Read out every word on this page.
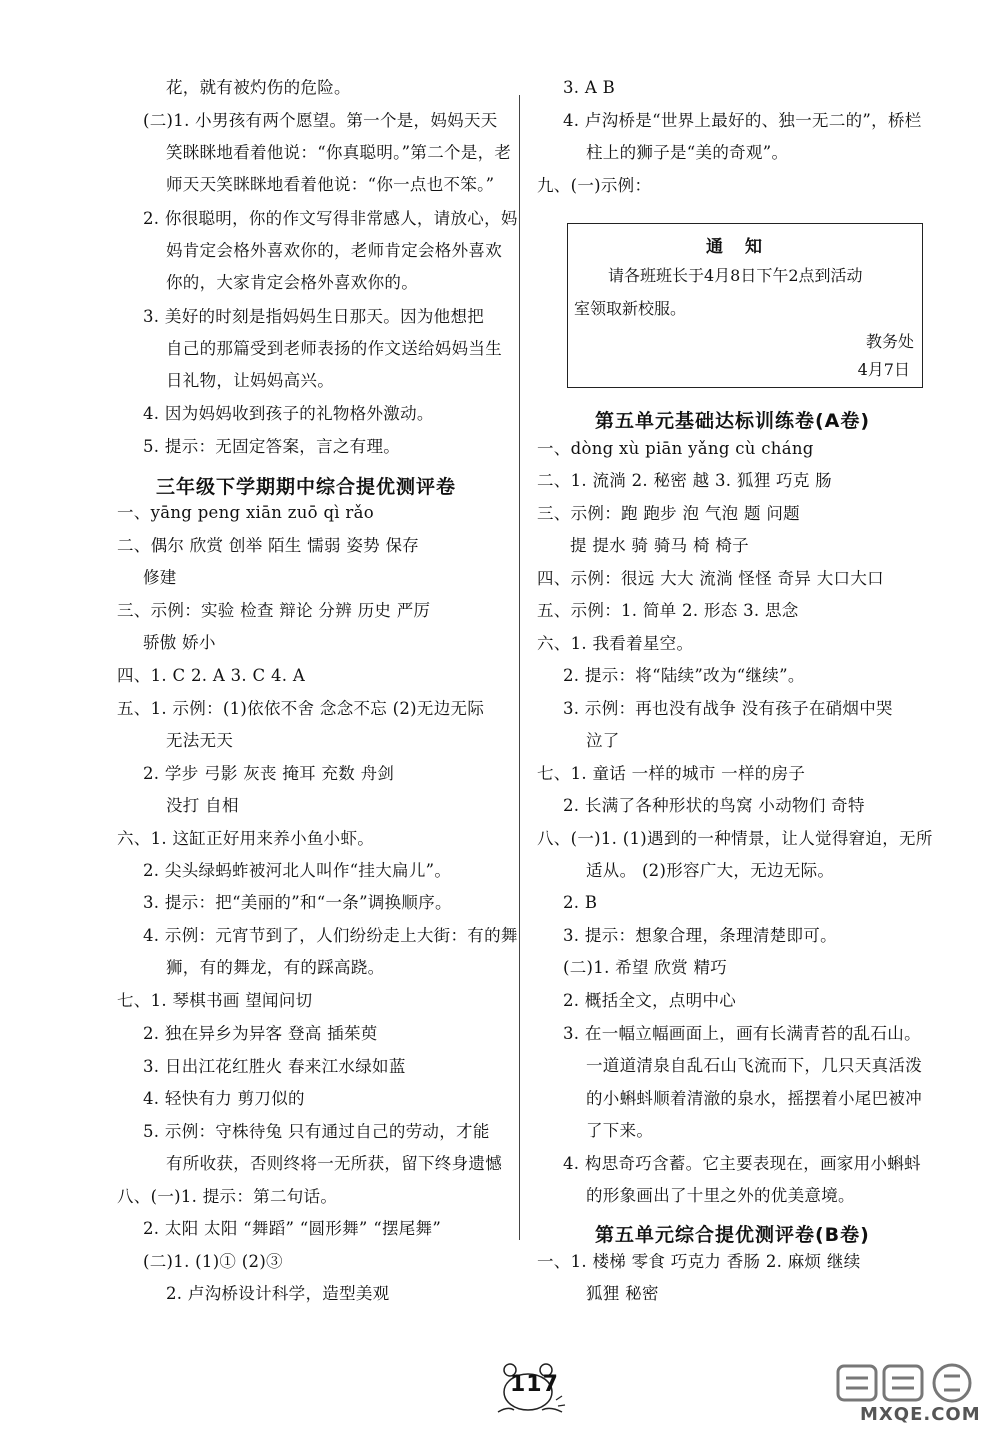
花，就有被灼伤的危险。
(二)1. 小男孩有两个愿望。第一个是，妈妈天天
笑眯眯地看着他说：“你真聪明。”第二个是，老
师天天笑眯眯地看着他说：“你一点也不笨。”
2. 你很聪明，你的作文写得非常感人，请放心，妈
妈肯定会格外喜欢你的，老师肯定会格外喜欢
你的，大家肯定会格外喜欢你的。
3. 美好的时刻是指妈妈生日那天。因为他想把
自己的那篇受到老师表扬的作文送给妈妈当生
日礼物，让妈妈高兴。
4. 因为妈妈收到孩子的礼物格外激动。
5. 提示：无固定答案，言之有理。
一、yāng peng xiān zuō qì rǎo
二、偶尔 欣赏 创举 陌生 懦弱 姿势 保存
修建
三、示例：实验 检查 辩论 分辨 历史 严厉
骄傲 娇小
四、1. C 2. A 3. C 4. A
五、1. 示例：(1)依依不舍 念念不忘 (2)无边无际
无法无天
2. 学步 弓影 灰丧 掩耳 充数 舟剑
没打 自相
六、1. 这缸正好用来养小鱼小虾。
2. 尖头绿蚂蚱被河北人叫作“挂大扁儿”。
3. 提示：把“美丽的”和“一条”调换顺序。
4. 示例：元宵节到了，人们纷纷走上大街：有的舞
狮，有的舞龙，有的踩高跷。
七、1. 琴棋书画 望闻问切
2. 独在异乡为异客 登高 插茱萸
3. 日出江花红胜火 春来江水绿如蓝
4. 轻快有力 剪刀似的
5. 示例：守株待兔 只有通过自己的劳动，才能
有所收获，否则终将一无所获，留下终身遗憾
八、(一)1. 提示：第二句话。
2. 太阳 太阳 “舞蹈” “圆形舞” “摆尾舞”
(二)1. (1)① (2)③
2. 卢沟桥设计科学，造型美观
3. A B
4. 卢沟桥是“世界上最好的、独一无二的”，桥栏
柱上的狮子是“美的奇观”。
九、(一)示例：
一、dòng xù piān yǎng cù cháng
二、1. 流淌 2. 秘密 越 3. 狐狸 巧克 肠
三、示例：跑 跑步 泡 气泡 题 问题
提 提水 骑 骑马 椅 椅子
四、示例：很远 大大 流淌 怪怪 奇异 大口大口
五、示例：1. 简单 2. 形态 3. 思念
六、1. 我看着星空。
2. 提示：将“陆续”改为“继续”。
3. 示例：再也没有战争 没有孩子在硝烟中哭
泣了
七、1. 童话 一样的城市 一样的房子
2. 长满了各种形状的鸟窝 小动物们 奇特
八、(一)1. (1)遇到的一种情景，让人觉得窘迫，无所
适从。 (2)形容广大，无边无际。
2. B
3. 提示：想象合理，条理清楚即可。
(二)1. 希望 欣赏 精巧
2. 概括全文，点明中心
3. 在一幅立幅画面上，画有长满青苔的乱石山。
一道道清泉自乱石山飞流而下，几只天真活泼
的小蝌蚪顺着清澈的泉水，摇摆着小尾巴被冲
了下来。
4. 构思奇巧含蓄。它主要表现在，画家用小蝌蚪
的形象画出了十里之外的优美意境。
一、1. 楼梯 零食 巧克力 香肠 2. 麻烦 继续
狐狸 秘密
三年级下学期期中综合提优测评卷
第五单元基础达标训练卷(A卷)
第五单元综合提优测评卷(B卷)
通知
请各班班长于4月8日下午2点到活动
室领取新校服。
教务处
4月7日
117
MXQE.COM
